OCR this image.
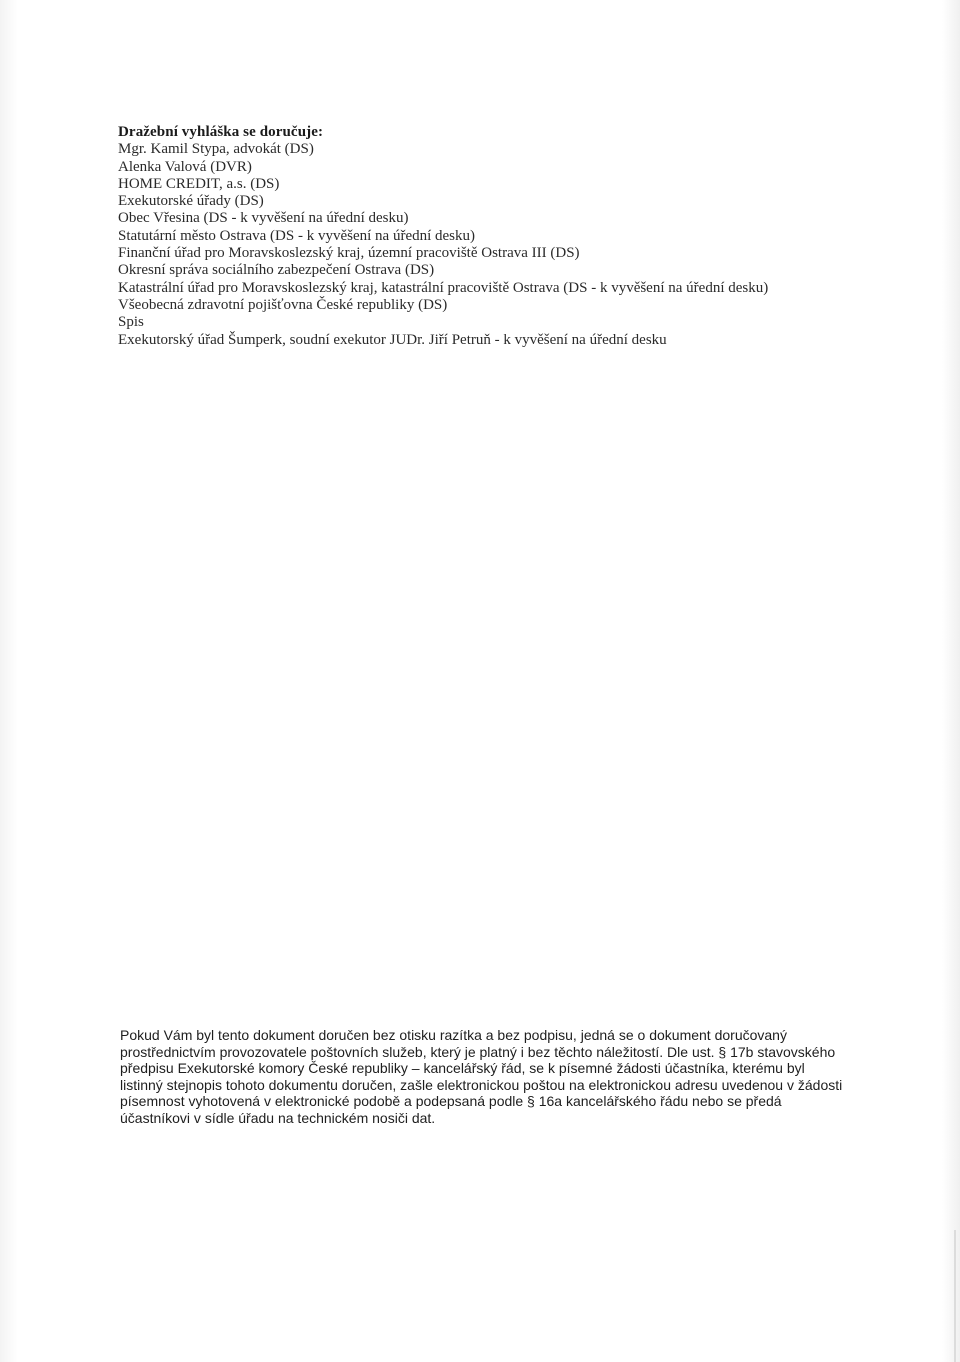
Dražební vyhláška se doručuje:
Mgr. Kamil Stypa, advokát (DS)
Alenka Valová (DVR)
HOME CREDIT, a.s. (DS)
Exekutorské úřady (DS)
Obec Vřesina (DS - k vyvěšení na úřední desku)
Statutární město Ostrava (DS - k vyvěšení na úřední desku)
Finanční úřad pro Moravskoslezský kraj, územní pracoviště Ostrava III (DS)
Okresní správa sociálního zabezpečení Ostrava (DS)
Katastrální úřad pro Moravskoslezský kraj, katastrální pracoviště Ostrava (DS - k vyvěšení na úřední desku)
Všeobecná zdravotní pojišťovna České republiky (DS)
Spis
Exekutorský úřad Šumperk, soudní exekutor JUDr. Jiří Petruň - k vyvěšení na úřední desku
Pokud Vám byl tento dokument doručen bez otisku razítka a bez podpisu, jedná se o dokument doručovaný
prostřednictvím provozovatele poštovních služeb, který je platný i bez těchto náležitostí. Dle ust. § 17b stavovského
předpisu Exekutorské komory České republiky – kancelářský řád, se k písemné žádosti účastníka, kterému byl
listinný stejnopis tohoto dokumentu doručen, zašle elektronickou poštou na elektronickou adresu uvedenou v žádosti
písemnost vyhotovená v elektronické podobě a podepsaná podle § 16a kancelářského řádu nebo se předá
účastníkovi v sídle úřadu na technickém nosiči dat.
